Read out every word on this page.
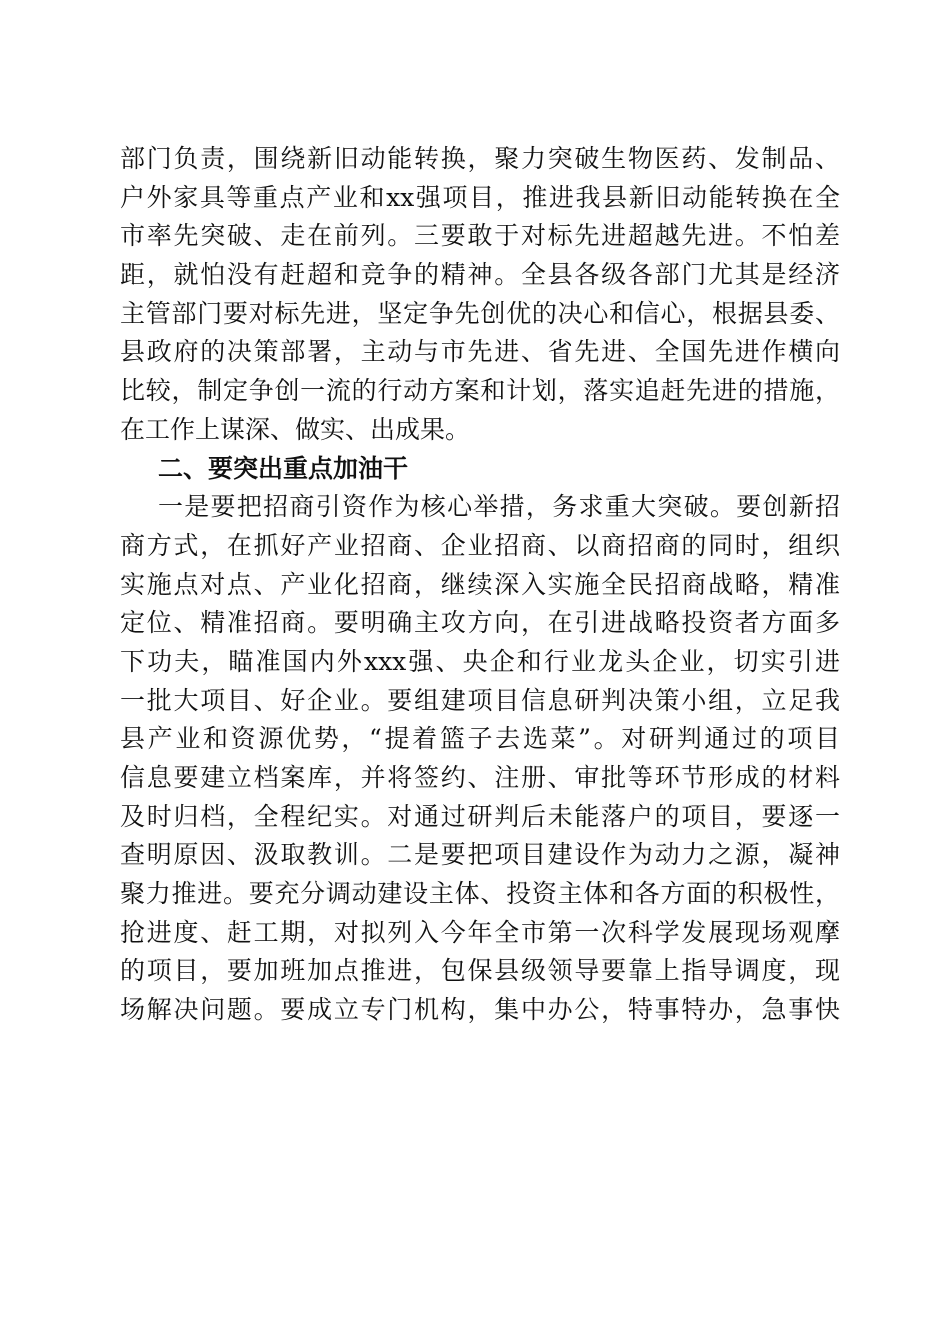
部门负责，围绕新旧动能转换，聚力突破生物医药、发制品、
户外家具等重点产业和xx强项目，推进我县新旧动能转换在全
市率先突破、走在前列。三要敢于对标先进超越先进。不怕差
距，就怕没有赶超和竞争的精神。全县各级各部门尤其是经济
主管部门要对标先进，坚定争先创优的决心和信心，根据县委、
县政府的决策部署，主动与市先进、省先进、全国先进作横向
比较，制定争创一流的行动方案和计划，落实追赶先进的措施，
在工作上谋深、做实、出成果。
二、要突出重点加油干
一是要把招商引资作为核心举措，务求重大突破。要创新招
商方式，在抓好产业招商、企业招商、以商招商的同时，组织
实施点对点、产业化招商，继续深入实施全民招商战略，精准
定位、精准招商。要明确主攻方向，在引进战略投资者方面多
下功夫，瞄准国内外xxx强、央企和行业龙头企业，切实引进
一批大项目、好企业。要组建项目信息研判决策小组，立足我
县产业和资源优势，“提着篮子去选菜”。对研判通过的项目
信息要建立档案库，并将签约、注册、审批等环节形成的材料
及时归档，全程纪实。对通过研判后未能落户的项目，要逐一
查明原因、汲取教训。二是要把项目建设作为动力之源，凝神
聚力推进。要充分调动建设主体、投资主体和各方面的积极性，
抢进度、赶工期，对拟列入今年全市第一次科学发展现场观摩
的项目，要加班加点推进，包保县级领导要靠上指导调度，现
场解决问题。要成立专门机构，集中办公，特事特办，急事快
